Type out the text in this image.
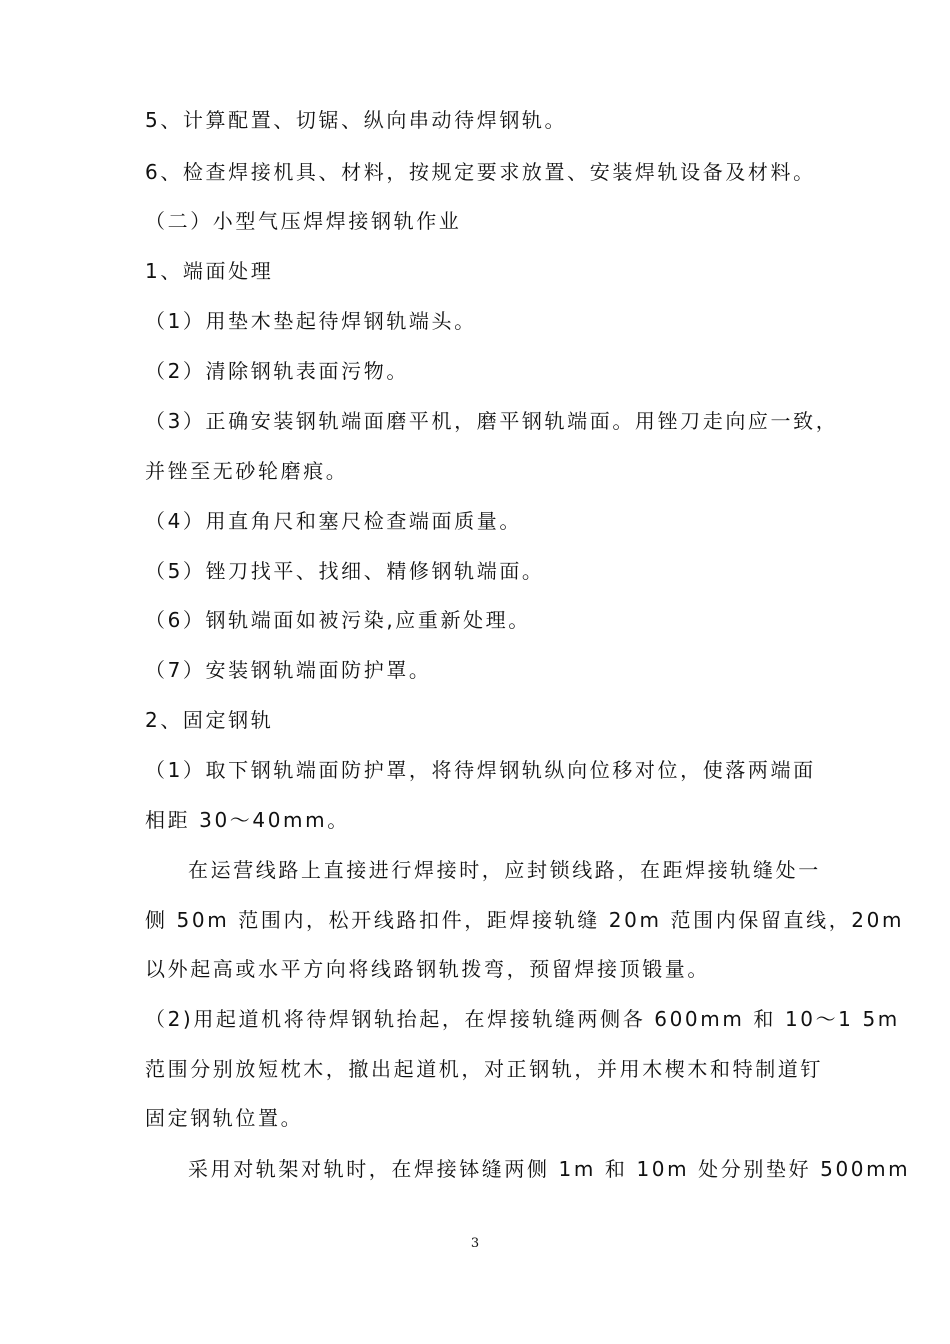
5、计算配置、切锯、纵向串动待焊钢轨。
6、检查焊接机具、材料，按规定要求放置、安装焊轨设备及材料。
（二）小型气压焊焊接钢轨作业
1、端面处理
（1）用垫木垫起待焊钢轨端头。
（2）清除钢轨表面污物。
（3）正确安装钢轨端面磨平机，磨平钢轨端面。用锉刀走向应一致，
并锉至无砂轮磨痕。
（4）用直角尺和塞尺检查端面质量。
（5）锉刀找平、找细、精修钢轨端面。
（6）钢轨端面如被污染,应重新处理。
（7）安装钢轨端面防护罩。
2、固定钢轨
（1）取下钢轨端面防护罩，将待焊钢轨纵向位移对位，使落两端面
相距 30～40mm。
在运营线路上直接进行焊接时，应封锁线路，在距焊接轨缝处一
侧 50m 范围内，松开线路扣件，距焊接轨缝 20m 范围内保留直线，20m
以外起高或水平方向将线路钢轨拨弯，预留焊接顶锻量。
（2)用起道机将待焊钢轨抬起，在焊接轨缝两侧各 600mm 和 10～1 5m
范围分别放短枕木，撤出起道机，对正钢轨，并用木楔木和特制道钉
固定钢轨位置。
采用对轨架对轨时，在焊接钵缝两侧 1m 和 10m 处分别垫好 500mm
3
